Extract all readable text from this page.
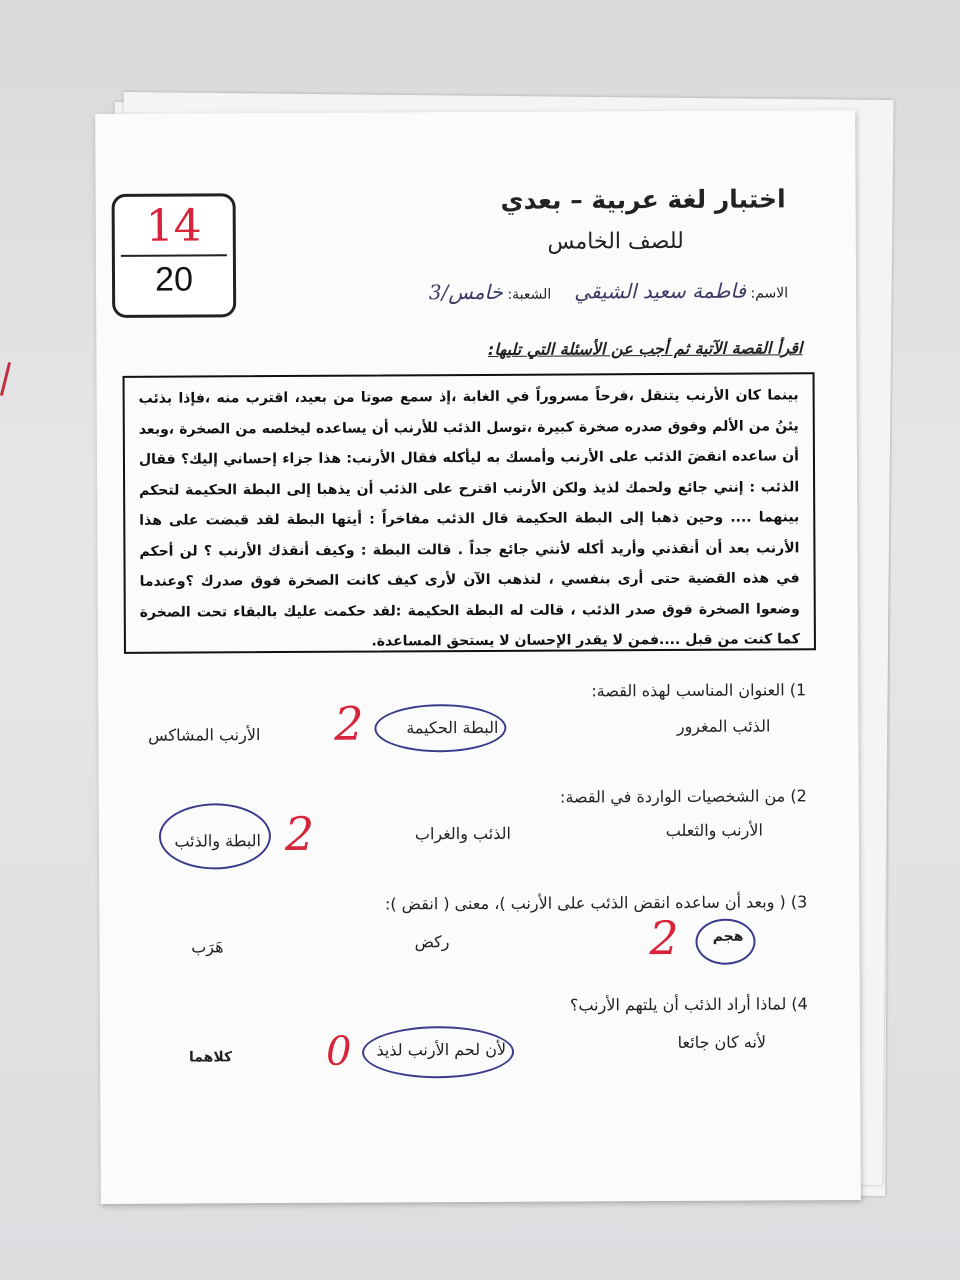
14
20
اختبار لغة عربية – بعدي
للصف الخامس
الاسم: فاطمة سعيد الشيقي  الشعبة: خامس/3
اقرأ القصة الآتية ثم أجب عن الأسئلة التي تليها:
بينما كان الأرنب يتنقل ،فرحاً مسروراً في الغابة ،إذ سمع صوتا من بعيد، اقترب منه ،فإذا بذئب يئنُ من الألم وفوق صدره صخرة كبيرة ،توسل الذئب للأرنب أن يساعده ليخلصه من الصخرة ،وبعد أن ساعده انقضَ الذئب على الأرنب وأمسك به ليأكله فقال الأرنب: هذا جزاء إحساني إليك؟ فقال الذئب : إنني جائع ولحمك لذيذ ولكن الأرنب اقترح على الذئب أن يذهبا إلى البطة الحكيمة لتحكم بينهما .... وحين ذهبا إلى البطة الحكيمة قال الذئب مفاخراً : أيتها البطة لقد قبضت على هذا الأرنب بعد أن أنقذني وأريد أكله لأنني جائع جداً . قالت البطة : وكيف أنقذك الأرنب ؟ لن أحكم في هذه القضية حتى أرى بنفسي ، لنذهب الآن لأرى كيف كانت الصخرة فوق صدرك ؟وعندما وضعوا الصخرة فوق صدر الذئب ، قالت له البطة الحكيمة :لقد حكمت عليك بالبقاء تحت الصخرة كما كنت من قبل ....فمن لا يقدر الإحسان لا يستحق المساعدة.
1) العنوان المناسب لهذه القصة:
الذئب المغرور
البطة الحكيمة
الأرنب المشاكس 2
2) من الشخصيات الواردة في القصة:
الأرنب والثعلب
الذئب والغراب
البطة والذئب 2
3) ( وبعد أن ساعده انقض الذئب على الأرنب )، معنى ( انقض ):
هجم
ركض
هَرَب	2
4) لماذا أراد الذئب أن يلتهم الأرنب؟
لأنه كان جائعا
لأن لحم الأرنب لذيذ
كلاهما 0
